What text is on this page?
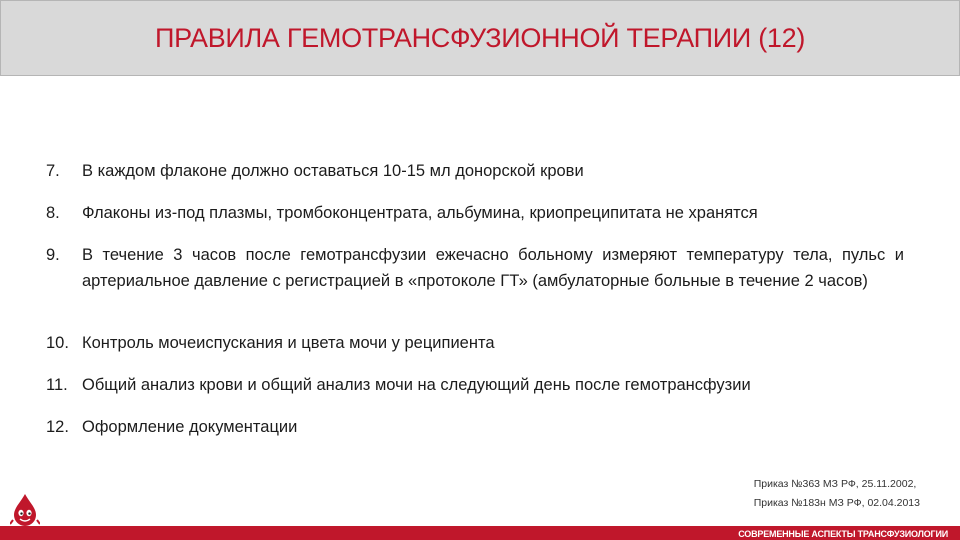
ПРАВИЛА ГЕМОТРАНСФУЗИОННОЙ ТЕРАПИИ (12)
7.	В каждом флаконе должно оставаться 10-15 мл донорской крови
8.	Флаконы из-под плазмы, тромбоконцентрата, альбумина, криопреципитата не хранятся
9.	В течение 3 часов после гемотрансфузии ежечасно больному измеряют температуру тела, пульс и артериальное давление с регистрацией в «протоколе ГТ» (амбулаторные больные в течение 2 часов)
10. Контроль мочеиспускания и цвета мочи у реципиента
11. Общий анализ крови и общий анализ мочи на следующий день после гемотрансфузии
12. Оформление документации
Приказ №363 МЗ РФ, 25.11.2002,
Приказ №183н МЗ РФ, 02.04.2013
СОВРЕМЕННЫЕ АСПЕКТЫ ТРАНСФУЗИОЛОГИИ
